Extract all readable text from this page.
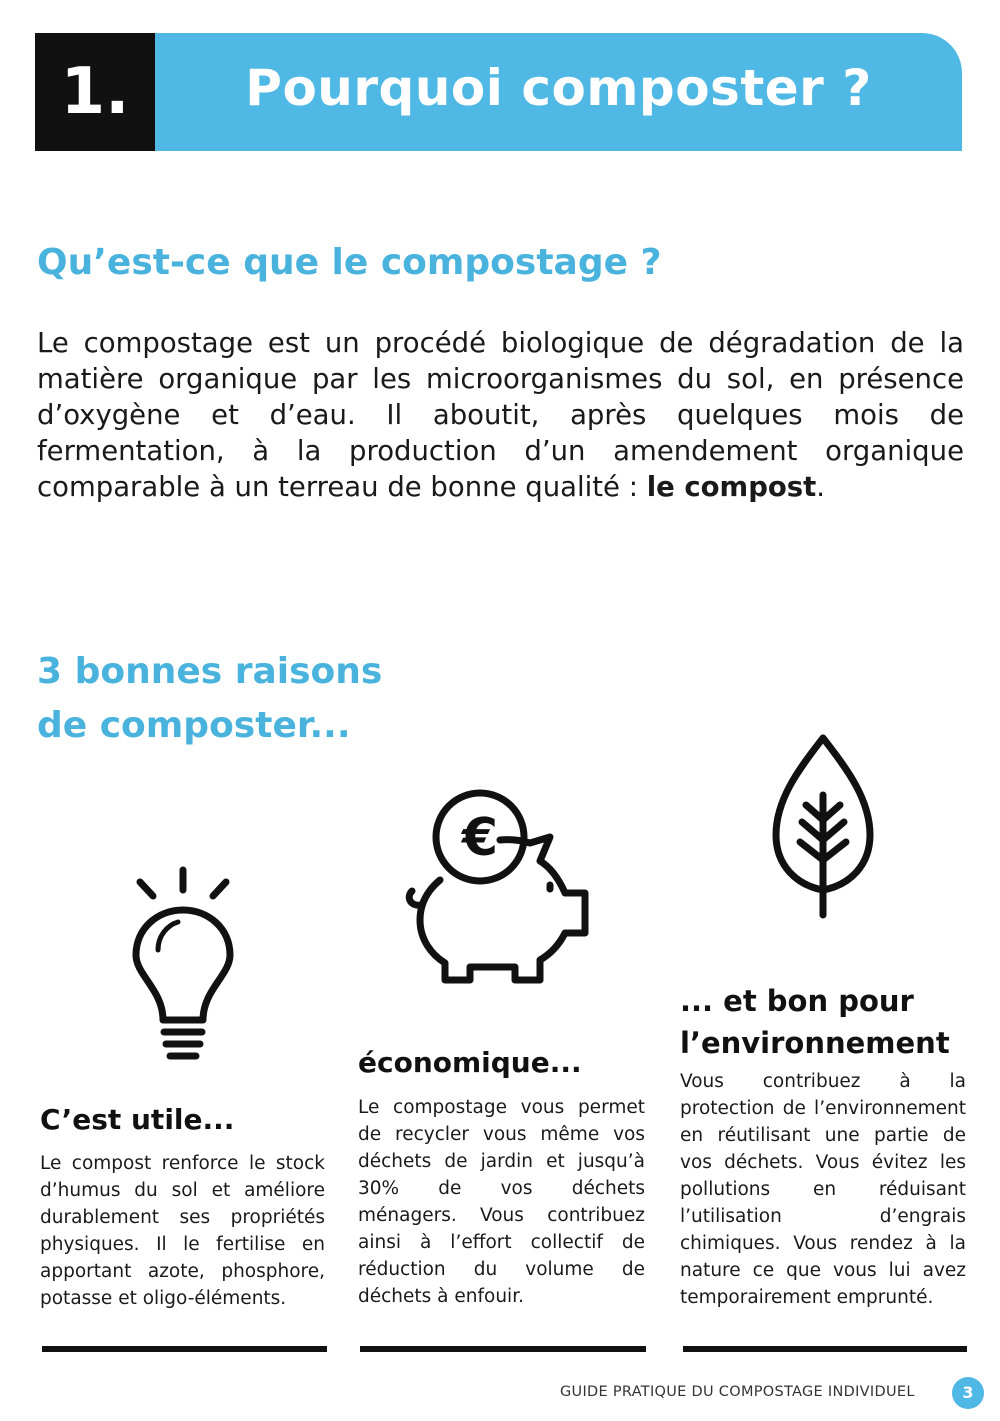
1.	Pourquoi composter ?
Qu’est-ce que le compostage ?
Le compostage est un procédé biologique de dégradation de la matière organique par les microorganismes du sol, en présence d’oxygène et d’eau. Il aboutit, après quelques mois de fermentation, à la production d’un amendement organique comparable à un terreau de bonne qualité : le compost.
3 bonnes raisons
de composter...
€
C’est utile...
Le compost renforce le stock d’humus du sol et améliore durablement ses propriétés physiques. Il le fertilise en apportant azote, phosphore, potasse et oligo-éléments.
économique...
Le compostage vous permet de recycler vous même vos déchets de jardin et jusqu’à 30% de vos déchets ménagers. Vous contribuez ainsi à l’effort collectif de réduction du volume de déchets à enfouir.
... et bon pour
l’environnement
Vous contribuez à la protection de l’environnement en réutilisant une partie de vos déchets. Vous évitez les pollutions en réduisant l’utilisation d’engrais chimiques. Vous rendez à la nature ce que vous lui avez temporairement emprunté.
GUIDE PRATIQUE DU COMPOSTAGE INDIVIDUEL	3
